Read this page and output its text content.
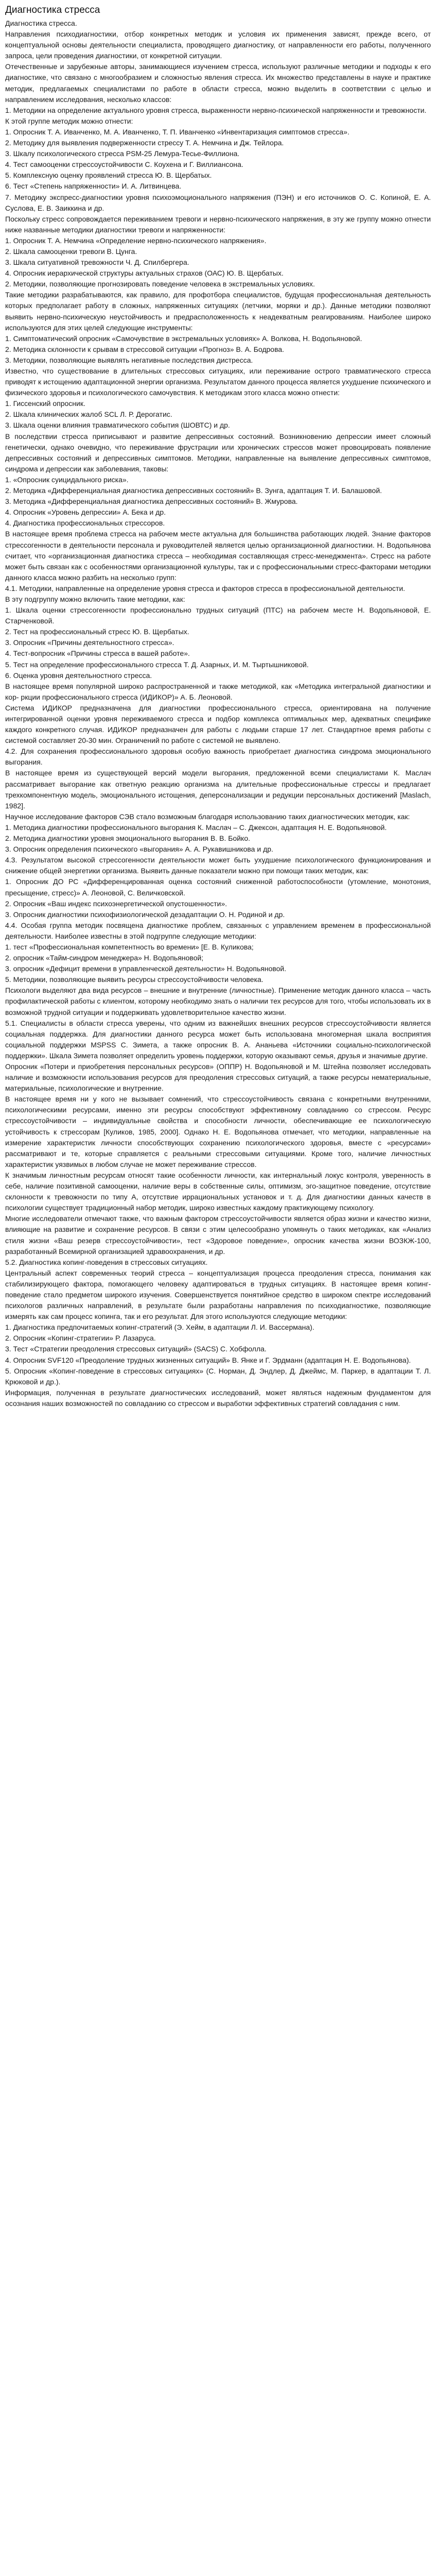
Диагностика стресса

Диагностика стресса.

Направления психодиагностики, отбор конкретных методик и условия их применения зависят, прежде всего, от концептуальной основы деятельности специалиста, проводящего диагностику, от направленности его работы, полученного запроса, цели проведения диагностики, от конкретной ситуации.

Отечественные и зарубежные авторы, занимающиеся изучением стресса, используют различные методики и подходы к его диагностике, что связано с многообразием и сложностью явления стресса. Их множество представлены в науке и практике методик, предлагаемых специалистами по работе в области стресса, можно выделить в соответствии с целью и направлением исследования, несколько классов:

1. Методики на определение актуального уровня стресса, выраженности нервно-психической напряженности и тревожности.

К этой группе методик можно отнести:

1. Опросник Т. А. Иванченко, М. А. Иванченко, Т. П. Иванченко «Инвентаризация симптомов стресса».

2. Методику для выявления подверженности стрессу Т. А. Немчина и Дж. Тейлора.

3. Шкалу психологического стресса PSM-25 Лемура-Тесье-Филлиона.

4. Тест самооценки стрессоустойчивости С. Коухена и Г. Виллиансона.

5. Комплексную оценку проявлений стресса Ю. В. Щербатых.

6. Тест «Степень напряженности» И. А. Литвинцева.

7. Методику экспресс-диагностики уровня психоэмоционального напряжения (ПЭН) и его источников О. С. Копиной, Е. А. Суслова, Е. В. Заиккина и др.

Поскольку стресс сопровождается переживанием тревоги и нервно-психического напряжения, в эту же группу можно отнести ниже названные методики диагностики тревоги и напряженности:

1. Опросник Т. А. Немчина «Определение нервно-психического напряжения».

2. Шкала самооценки тревоги В. Цунга.

3. Шкала ситуативной тревожности Ч. Д. Спилбергера.

4. Опросник иерархической структуры актуальных страхов (ОАС) Ю. В. Щербатых.

2. Методики, позволяющие прогнозировать поведение человека в экстремальных условиях.

Такие методики разрабатываются, как правило, для профотбора специалистов, будущая профессиональная деятельность которых предполагает работу в сложных, напряженных ситуациях (летчики, моряки и др.). Данные методики позволяют выявить нервно-психическую неустойчивость и предрасположенность к неадекватным реагированиям. Наиболее широко используются для этих целей следующие инструменты:

1. Симптоматический опросник «Самочувствие в экстремальных условиях» А. Волкова, Н. Водопьяновой.

2. Методика склонности к срывам в стрессовой ситуации «Прогноз» В. А. Бодрова.

3. Методики, позволяющие выявлять негативные последствия дистресса.

Известно, что существование в длительных стрессовых ситуациях, или переживание острого травматического стресса приводят к истощению адаптационной энергии организма. Результатом данного процесса является ухудшение психического и физического здоровья и психологического самочувствия. К методикам этого класса можно отнести:

1. Гиссенский опросник.

2. Шкала клинических жалоб SCL Л. Р. Дерогатис.

3. Шкала оценки влияния травматического события (ШОВТС) и др.

В последствии стресса приписывают и развитие депрессивных состояний. Возникновению депрессии имеет сложный генетически, однако очевидно, что переживание фрустрации или хронических стрессов может провоцировать появление депрессивных состояний и депрессивных симптомов. Методики, направленные на выявление депрессивных симптомов, синдрома и депрессии как заболевания, таковы:

1. «Опросник суицидального риска».

2. Методика «Дифференциальная диагностика депрессивных состояний» В. Зунга, адаптация Т. И. Балашовой.

3. Методика «Дифференциальная диагностика депрессивных состояний» В. Жмурова.

4. Опросник «Уровень депрессии» А. Бека и др.

4. Диагностика профессиональных стрессоров.

В настоящее время проблема стресса на рабочем месте актуальна для большинства работающих людей. Знание факторов стрессогенности в деятельности персонала и руководителей является целью организационной диагностики. Н. Водопьянова считает, что «организационная диагностика стресса – необходимая составляющая стресс-менеджмента». Стресс на работе может быть связан как с особенностями организационной культуры, так и с профессиональными стресс-факторами методики данного класса можно разбить на несколько групп:

4.1. Методики, направленные на определение уровня стресса и факторов стресса в профессиональной деятельности.

В эту подгруппу можно включить такие методики, как:

1. Шкала оценки стрессогенности профессионально трудных ситуаций (ПТС) на рабочем месте Н. Водопьяновой, Е. Старченковой.

2. Тест на профессиональный стресс Ю. В. Щербатых.

3. Опросник «Причины деятельностного стресса».

4. Тест-вопросник «Причины стресса в вашей работе».

5. Тест на определение профессионального стресса Т. Д. Азарных, И. М. Тыртышниковой.

6. Оценка уровня деятельностного стресса.

В настоящее время популярной широко распространенной и также методикой, как «Методика интегральной диагностики и кор- ркции профессионального стресса (ИДИКОР)» А. Б. Леоновой.

Система ИДИКОР предназначена для диагностики профессионального стресса, ориентирована на получение интегрированной оценки уровня переживаемого стресса и подбор комплекса оптимальных мер, адекватных специфике каждого конкретного случая. ИДИКОР предназначен для работы с людьми старше 17 лет. Стандартное время работы с системой составляет 20-30 мин. Ограничений по работе с системой не выявлено.

4.2. Для сохранения профессионального здоровья особую важность приобретает диагностика синдрома эмоционального выгорания.

В настоящее время из существующей версий модели выгорания, предложенной всеми специалистами К. Маслач рассматривает выгорание как ответную реакцию организма на длительные профессиональные стрессы и предлагает трехкомпонентную модель, эмоционального истощения, деперсонализации и редукции персональных достижений [Maslach, 1982].

Научное исследование факторов СЭВ стало возможным благодаря использованию таких диагностических методик, как:

1. Методика диагностики профессионального выгорания К. Маслач – С. Джексон, адаптация Н. Е. Водопьяновой.

2. Методика диагностики уровня эмоционального выгорания В. В. Бойко.

3. Опросник определения психического «выгорания» А. А. Рукавишникова и др.

4.3. Результатом высокой стрессогенности деятельности может быть ухудшение психологического функционирования и снижение общей энергетики организма. Выявить данные показатели можно при помощи таких методик, как:

1. Опросник ДО РС «Дифференцированная оценка состояний сниженной работоспособности (утомление, монотония, пресыщение, стресс)» А. Леоновой, С. Величковской.

2. Опросник «Ваш индекс психоэнергетической опустошенности».

3. Опросник диагностики психофизиологической дезадаптации О. Н. Родиной и др.

4.4. Особая группа методик посвящена диагностике проблем, связанных с управлением временем в профессиональной деятельности. Наиболее известны в этой подгруппе следующие методики:

1. тест «Профессиональная компетентность во времени» [Е. В. Куликова;

2. опросник «Тайм-синдром менеджера» Н. Водопьяновой;

3. опросник «Дефицит времени в управленческой деятельности» Н. Водопьяновой.

5. Методики, позволяющие выявить ресурсы стрессоустойчивости человека.

Психологи выделяют два вида ресурсов – внешние и внутренние (личностные). Применение методик данного класса – часть профилактической работы с клиентом, которому необходимо знать о наличии тех ресурсов для того, чтобы использовать их в возможной трудной ситуации и поддерживать удовлетворительное качество жизни.

5.1. Специалисты в области стресса уверены, что одним из важнейших внешних ресурсов стрессоустойчивости является социальная поддержка. Для диагностики данного ресурса может быть использована многомерная шкала восприятия социальной поддержки MSPSS С. Зимета, а также опросник В. А. Ананьева «Источники социально-психологической поддержки». Шкала Зимета позволяет определить уровень поддержки, которую оказывают семья, друзья и значимые другие.

Опросник «Потери и приобретения персональных ресурсов» (ОППР) Н. Водопьяновой и М. Штейна позволяет исследовать наличие и возможности использования ресурсов для преодоления стрессовых ситуаций, а также ресурсы нематериальные, материальные, психологические и внутренние.

В настоящее время ни у кого не вызывает сомнений, что стрессоустойчивость связана с конкретными внутренними, психологическими ресурсами, именно эти ресурсы способствуют эффективному совладанию со стрессом. Ресурс стрессоустойчивости – индивидуальные свойства и способности личности, обеспечивающие ее психологическую устойчивость к стрессорам [Куликов, 1985, 2000]. Однако Н. Е. Водопьянова отмечает, что методики, направленные на измерение характеристик личности способствующих сохранению психологического здоровья, вместе с «ресурсами» рассматривают и те, которые справляется с реальными стрессовыми ситуациями. Кроме того, наличие личностных характеристик уязвимых в любом случае не может переживание стрессов.

К значимым личностным ресурсам относят такие особенности личности, как интернальный локус контроля, уверенность в себе, наличие позитивной самооценки, наличие веры в собственные силы, оптимизм, эго-защитное поведение, отсутствие склонности к тревожности по типу А, отсутствие иррациональных установок и т. д. Для диагностики данных качеств в психологии существует традиционный набор методик, широко известных каждому практикующему психологу.

Многие исследователи отмечают также, что важным фактором стрессоустойчивости является образ жизни и качество жизни, влияющие на развитие и сохранение ресурсов. В связи с этим целесообразно упомянуть о таких методиках, как «Анализ стиля жизни «Ваш резерв стрессоустойчивости», тест «Здоровое поведение», опросник качества жизни ВОЗКЖ-100, разработанный Всемирной организацией здравоохранения, и др.

5.2. Диагностика копинг-поведения в стрессовых ситуациях.

Центральный аспект современных теорий стресса – концептуализация процесса преодоления стресса, понимания как стабилизирующего фактора, помогающего человеку адаптироваться в трудных ситуациях. В настоящее время копинг-поведение стало предметом широкого изучения. Совершенствуется понятийное средство в широком спектре исследований психологов различных направлений, в результате были разработаны направления по психодиагностике, позволяющие измерять как сам процесс копинга, так и его результат. Для этого используются следующие методики:

1. Диагностика предпочитаемых копинг-стратегий (Э. Хейм, в адаптации Л. И. Вассермана).

2. Опросник «Копинг-стратегии» Р. Лазаруса.

3. Тест «Стратегии преодоления стрессовых ситуаций» (SACS) С. Хобфолла.

4. Опросник SVF120 «Преодоление трудных жизненных ситуаций» В. Янке и Г. Эрдманн (адаптация Н. Е. Водопьянова).

5. Опросник «Копинг-поведение в стрессовых ситуациях» (С. Норман, Д. Эндлер, Д. Джеймс, М. Паркер, в адаптации Т. Л. Крюковой и др.).

Информация, полученная в результате диагностических исследований, может являться надежным фундаментом для осознания наших возможностей по совладанию со стрессом и выработки эффективных стратегий совладания с ним.
